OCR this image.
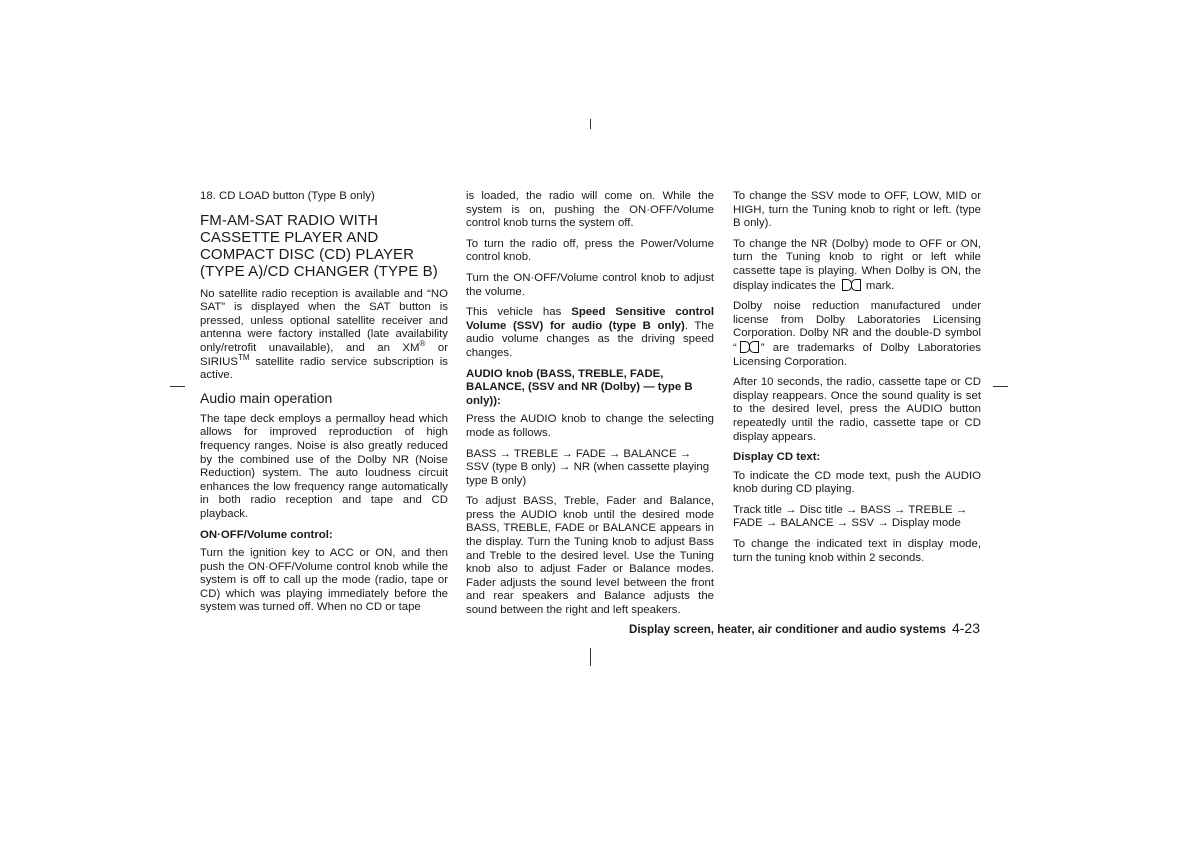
18. CD LOAD button (Type B only)

FM-AM-SAT RADIO WITH CASSETTE PLAYER AND COMPACT DISC (CD) PLAYER (TYPE A)/CD CHANGER (TYPE B)

No satellite radio reception is available and “NO SAT” is displayed when the SAT button is pressed, unless optional satellite receiver and antenna were factory installed (late availability only/retrofit unavailable), and an XM® or SIRIUS™ satellite radio service subscription is active.

Audio main operation

The tape deck employs a permalloy head which allows for improved reproduction of high frequency ranges. Noise is also greatly reduced by the combined use of the Dolby NR (Noise Reduction) system. The auto loudness circuit enhances the low frequency range automatically in both radio reception and tape and CD playback.

ON·OFF/Volume control:

Turn the ignition key to ACC or ON, and then push the ON·OFF/Volume control knob while the system is off to call up the mode (radio, tape or CD) which was playing immediately before the system was turned off. When no CD or tape

is loaded, the radio will come on. While the system is on, pushing the ON·OFF/Volume control knob turns the system off.

To turn the radio off, press the Power/Volume control knob.

Turn the ON·OFF/Volume control knob to adjust the volume.

This vehicle has Speed Sensitive control Volume (SSV) for audio (type B only). The audio volume changes as the driving speed changes.

AUDIO knob (BASS, TREBLE, FADE, BALANCE, (SSV and NR (Dolby) — type B only)):

Press the AUDIO knob to change the selecting mode as follows.

BASS → TREBLE → FADE → BALANCE → SSV (type B only) → NR (when cassette playing type B only)

To adjust BASS, Treble, Fader and Balance, press the AUDIO knob until the desired mode BASS, TREBLE, FADE or BALANCE appears in the display. Turn the Tuning knob to adjust Bass and Treble to the desired level. Use the Tuning knob also to adjust Fader or Balance modes. Fader adjusts the sound level between the front and rear speakers and Balance adjusts the sound between the right and left speakers.

To change the SSV mode to OFF, LOW, MID or HIGH, turn the Tuning knob to right or left. (type B only).

To change the NR (Dolby) mode to OFF or ON, turn the Tuning knob to right or left while cassette tape is playing. When Dolby is ON, the display indicates the	mark.

Dolby noise reduction manufactured under license from Dolby Laboratories Licensing Corporation. Dolby NR and the double-D symbol “ ” are trademarks of Dolby Laboratories Licensing Corporation.

After 10 seconds, the radio, cassette tape or CD display reappears. Once the sound quality is set to the desired level, press the AUDIO button repeatedly until the radio, cassette tape or CD display appears.

Display CD text:

To indicate the CD mode text, push the AUDIO knob during CD playing.

Track title → Disc title → BASS → TREBLE → FADE → BALANCE → SSV → Display mode

To change the indicated text in display mode, turn the tuning knob within 2 seconds.

Display screen, heater, air conditioner and audio systems 4-23
